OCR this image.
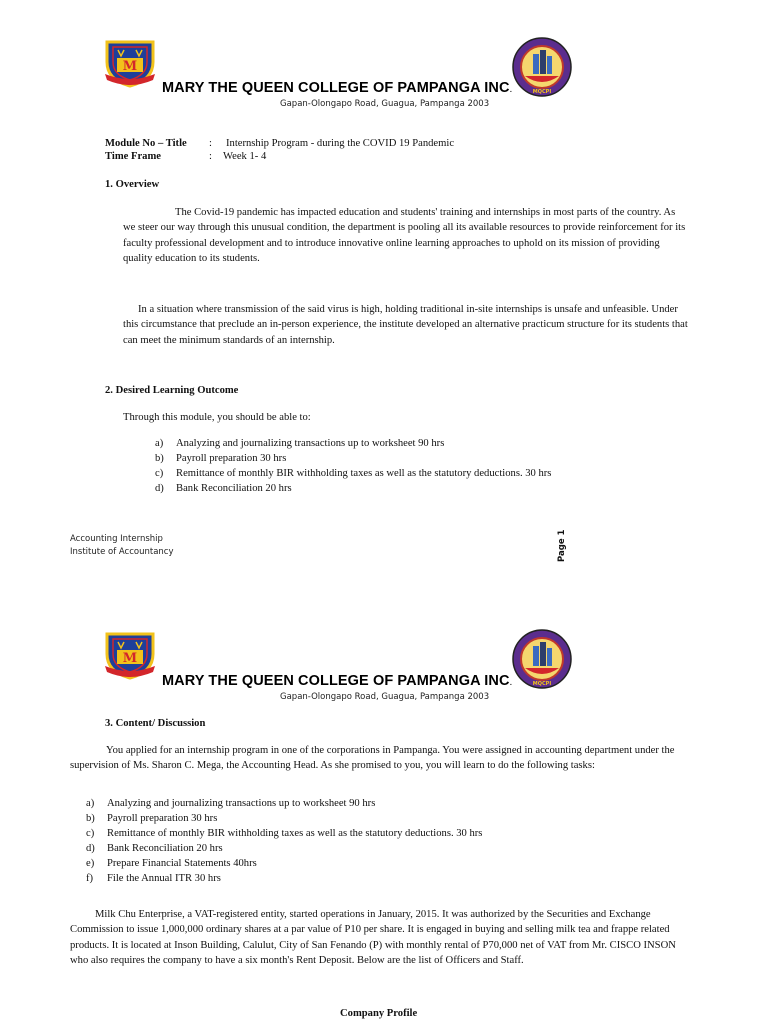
M
MQCPI
MARY THE QUEEN COLLEGE OF PAMPANGA INC.
Gapan-Olongapo Road, Guagua, Pampanga 2003
Module No – Title : Internship Program - during the COVID 19 Pandemic
Time Frame	: Week 1- 4
1. Overview
The Covid-19 pandemic has impacted education and students' training and internships in most parts of the country. As we steer our way through this unusual condition, the department is pooling all its available resources to provide reinforcement for its faculty professional development and to introduce innovative online learning approaches to uphold on its mission of providing quality education to its students.
In a situation where transmission of the said virus is high, holding traditional in-site internships is unsafe and unfeasible. Under this circumstance that preclude an in-person experience, the institute developed an alternative practicum structure for its students that can meet the minimum standards of an internship.
2. Desired Learning Outcome
Through this module, you should be able to:
a) Analyzing and journalizing transactions up to worksheet 90 hrs
b) Payroll preparation 30 hrs
c) Remittance of monthly BIR withholding taxes as well as the statutory deductions. 30 hrs
d) Bank Reconciliation 20 hrs
Accounting Internship
Institute of Accountancy	Page 1
M
MQCPI
MARY THE QUEEN COLLEGE OF PAMPANGA INC.
Gapan-Olongapo Road, Guagua, Pampanga 2003
3. Content/ Discussion
You applied for an internship program in one of the corporations in Pampanga. You were assigned in accounting department under the supervision of Ms. Sharon C. Mega, the Accounting Head. As she promised to you, you will learn to do the following tasks:
a) Analyzing and journalizing transactions up to worksheet 90 hrs
b) Payroll preparation 30 hrs
c) Remittance of monthly BIR withholding taxes as well as the statutory deductions. 30 hrs
d) Bank Reconciliation 20 hrs
e) Prepare Financial Statements 40hrs
f) File the Annual ITR 30 hrs
Milk Chu Enterprise, a VAT-registered entity, started operations in January, 2015. It was authorized by the Securities and Exchange Commission to issue 1,000,000 ordinary shares at a par value of P10 per share. It is engaged in buying and selling milk tea and frappe related products. It is located at Inson Building, Calulut, City of San Fenando (P) with monthly rental of P70,000 net of VAT from Mr. CISCO INSON who also requires the company to have a six month's Rent Deposit. Below are the list of Officers and Staff.
Company Profile
